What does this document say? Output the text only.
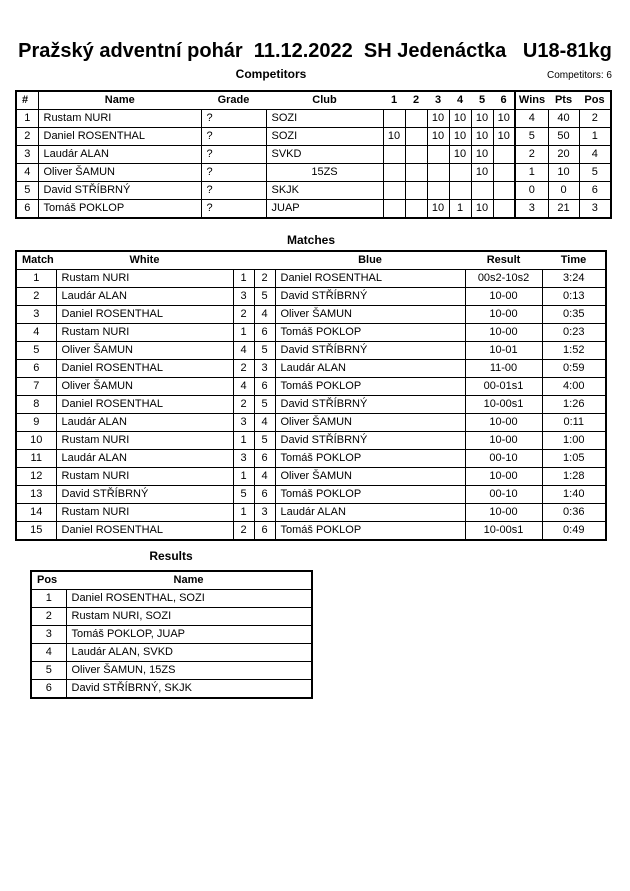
Pražský adventní pohár  11.12.2022  SH Jedenáctka   U18-81kg
Competitors	Competitors: 6
#	Name	Grade	Club	1	2	3	4	5	6	Wins	Pts	Pos
1	Rustam NURI	?	SOZI			10	10	10	10	4	40	2
2	Daniel ROSENTHAL	?	SOZI	10		10	10	10	10	5	50	1
3	Laudár ALAN	?	SVKD				10	10		2	20	4
4	Oliver ŠAMUN	?	15ZS					10		1	10	5
5	David STŘÍBRNÝ	?	SKJK							0	0	6
6	Tomáš POKLOP	?	JUAP			10	1	10		3	21	3
Matches
Match	White			Blue	Result	Time
1	Rustam NURI	1	2	Daniel ROSENTHAL	00s2-10s2	3:24
2	Laudár ALAN	3	5	David STŘÍBRNÝ	10-00	0:13
3	Daniel ROSENTHAL	2	4	Oliver ŠAMUN	10-00	0:35
4	Rustam NURI	1	6	Tomáš POKLOP	10-00	0:23
5	Oliver ŠAMUN	4	5	David STŘÍBRNÝ	10-01	1:52
6	Daniel ROSENTHAL	2	3	Laudár ALAN	11-00	0:59
7	Oliver ŠAMUN	4	6	Tomáš POKLOP	00-01s1	4:00
8	Daniel ROSENTHAL	2	5	David STŘÍBRNÝ	10-00s1	1:26
9	Laudár ALAN	3	4	Oliver ŠAMUN	10-00	0:11
10	Rustam NURI	1	5	David STŘÍBRNÝ	10-00	1:00
11	Laudár ALAN	3	6	Tomáš POKLOP	00-10	1:05
12	Rustam NURI	1	4	Oliver ŠAMUN	10-00	1:28
13	David STŘÍBRNÝ	5	6	Tomáš POKLOP	00-10	1:40
14	Rustam NURI	1	3	Laudár ALAN	10-00	0:36
15	Daniel ROSENTHAL	2	6	Tomáš POKLOP	10-00s1	0:49
Results
Pos	Name
1	Daniel ROSENTHAL, SOZI
2	Rustam NURI, SOZI
3	Tomáš POKLOP, JUAP
4	Laudár ALAN, SVKD
5	Oliver ŠAMUN, 15ZS
6	David STŘÍBRNÝ, SKJK
